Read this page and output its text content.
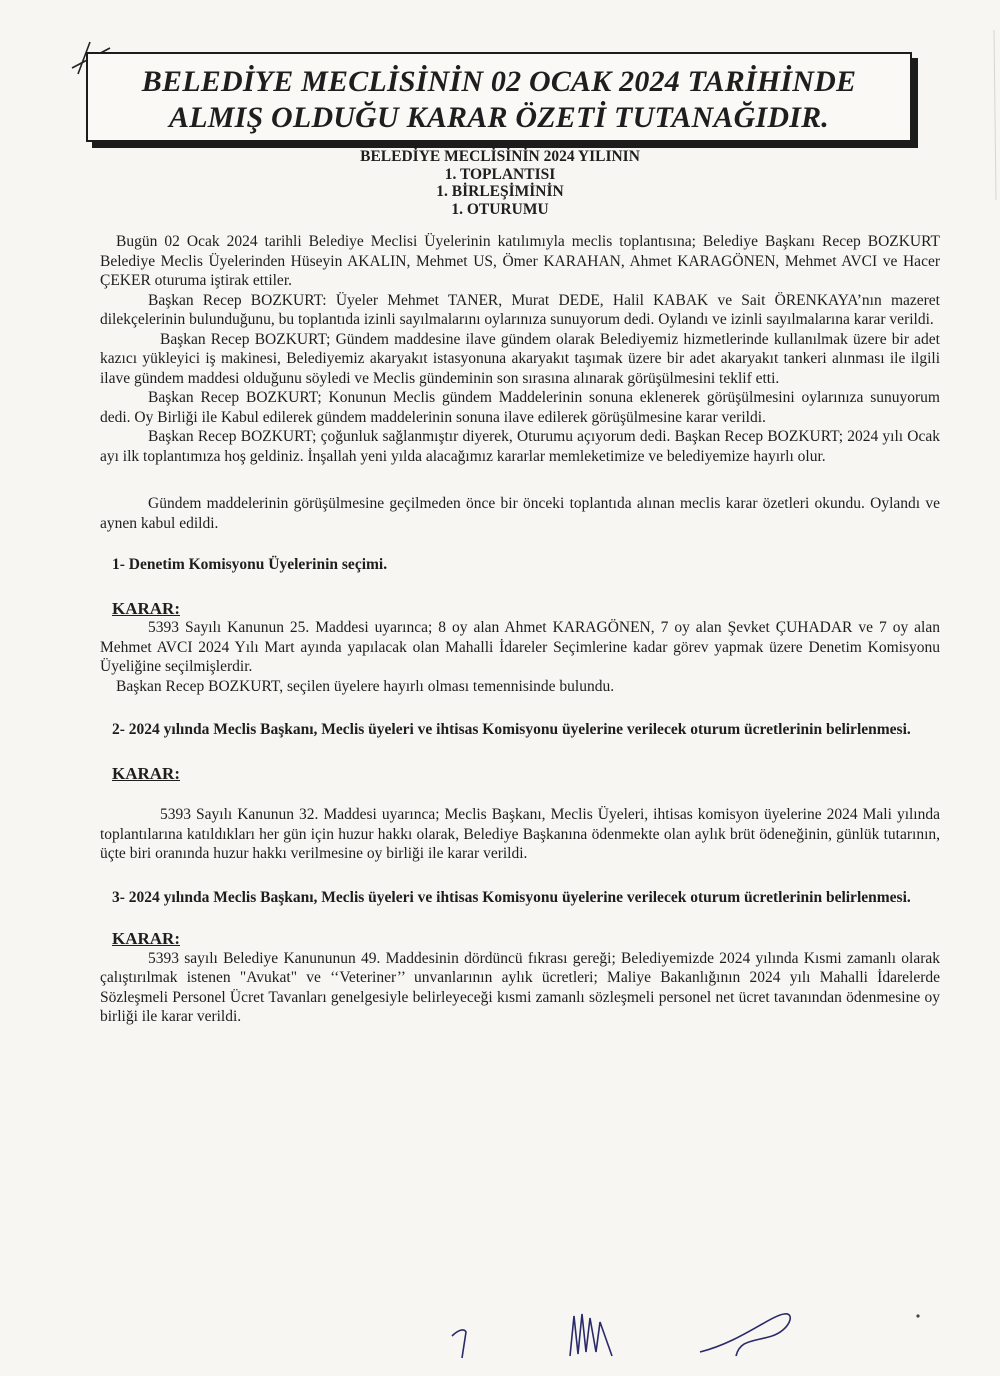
BELEDİYE MECLİSİNİN 02 OCAK 2024 TARİHİNDE
ALMIŞ OLDUĞU KARAR ÖZETİ TUTANAĞIDIR.
BELEDİYE MECLİSİNİN 2024 YILININ
1. TOPLANTISI
1. BİRLEŞİMİNİN
1. OTURUMU

Bugün 02 Ocak 2024 tarihli Belediye Meclisi Üyelerinin katılımıyla meclis toplantısına; Belediye Başkanı Recep BOZKURT Belediye Meclis Üyelerinden Hüseyin AKALIN, Mehmet US, Ömer KARAHAN, Ahmet KARAGÖNEN, Mehmet AVCI ve Hacer ÇEKER oturuma iştirak ettiler.

Başkan Recep BOZKURT: Üyeler Mehmet TANER, Murat DEDE, Halil KABAK ve Sait ÖRENKAYA’nın mazeret dilekçelerinin bulunduğunu, bu toplantıda izinli sayılmalarını oylarınıza sunuyorum dedi. Oylandı ve izinli sayılmalarına karar verildi.

Başkan Recep BOZKURT; Gündem maddesine ilave gündem olarak Belediyemiz hizmetlerinde kullanılmak üzere bir adet kazıcı yükleyici iş makinesi, Belediyemiz akaryakıt istasyonuna akaryakıt taşımak üzere bir adet akaryakıt tankeri alınması ile ilgili ilave gündem maddesi olduğunu söyledi ve Meclis gündeminin son sırasına alınarak görüşülmesini teklif etti.

Başkan Recep BOZKURT; Konunun Meclis gündem Maddelerinin sonuna eklenerek görüşülmesini oylarınıza sunuyorum dedi. Oy Birliği ile Kabul edilerek gündem maddelerinin sonuna ilave edilerek görüşülmesine karar verildi.

Başkan Recep BOZKURT; çoğunluk sağlanmıştır diyerek, Oturumu açıyorum dedi. Başkan Recep BOZKURT; 2024 yılı Ocak ayı ilk toplantımıza hoş geldiniz. İnşallah yeni yılda alacağımız kararlar memleketimize ve belediyemize hayırlı olur.

Gündem maddelerinin görüşülmesine geçilmeden önce bir önceki toplantıda alınan meclis karar özetleri okundu. Oylandı ve aynen kabul edildi.

1- Denetim Komisyonu Üyelerinin seçimi.

KARAR:

5393 Sayılı Kanunun 25. Maddesi uyarınca; 8 oy alan Ahmet KARAGÖNEN, 7 oy alan Şevket ÇUHADAR ve 7 oy alan Mehmet AVCI 2024 Yılı Mart ayında yapılacak olan Mahalli İdareler Seçimlerine kadar görev yapmak üzere Denetim Komisyonu Üyeliğine seçilmişlerdir.

Başkan Recep BOZKURT, seçilen üyelere hayırlı olması temennisinde bulundu.

2- 2024 yılında Meclis Başkanı, Meclis üyeleri ve ihtisas Komisyonu üyelerine verilecek oturum ücretlerinin belirlenmesi.

KARAR:

5393 Sayılı Kanunun 32. Maddesi uyarınca; Meclis Başkanı, Meclis Üyeleri, ihtisas komisyon üyelerine 2024 Mali yılında toplantılarına katıldıkları her gün için huzur hakkı olarak, Belediye Başkanına ödenmekte olan aylık brüt ödeneğinin, günlük tutarının, üçte biri oranında huzur hakkı verilmesine oy birliği ile karar verildi.

3- 2024 yılında Meclis Başkanı, Meclis üyeleri ve ihtisas Komisyonu üyelerine verilecek oturum ücretlerinin belirlenmesi.

KARAR:

5393 sayılı Belediye Kanununun 49. Maddesinin dördüncü fıkrası gereği; Belediyemizde 2024 yılında Kısmi zamanlı olarak çalıştırılmak istenen "Avukat" ve ‘‘Veteriner’’ unvanlarının aylık ücretleri; Maliye Bakanlığının 2024 yılı Mahalli İdarelerde Sözleşmeli Personel Ücret Tavanları genelgesiyle belirleyeceği kısmi zamanlı sözleşmeli personel net ücret tavanından ödenmesine oy birliği ile karar verildi.
